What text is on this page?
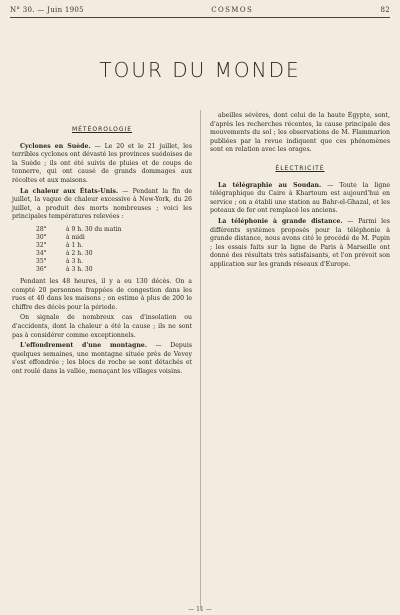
N° 30. — Juin 1905	COSMOS	82
TOUR DU MONDE
MÉTÉOROLOGIE

Cyclones en Suède. — Le 20 et le 21 juillet, les terribles cyclones ont dévasté les provinces suédoises de la Suède ; ils ont été suivis de pluies et de coups de tonnerre, qui ont causé de grands dommages aux récoltes et aux maisons.

La chaleur aux États-Unis. — Pendant la fin de juillet, la vague de chaleur excessive à New-York, du 26 juillet, a produit des morts nombreuses ; voici les principales températures relevées :

28°	à 9 h. 30 du matin
30°	à midi
32°	à 1 h.
34°	à 2 h. 30
35°	à 3 h.
36°	à 3 h. 30

Pendant les 48 heures, il y a eu 130 décès. On a compté 20 personnes frappées de congestion dans les rues et 40 dans les maisons ; on estime à plus de 200 le chiffre des décès pour la période.

On signale de nombreux cas d'insolation ou d'accidents, dont la chaleur a été la cause ; ils ne sont pas à considérer comme exceptionnels.

L'effondrement d'une montagne. — Depuis quelques semaines, une montagne située près de Vevey s'est effondrée ; les blocs de roche se sont détachés et ont roulé dans la vallée, menaçant les villages voisins.

abeilles sévères, dont celui de la haute Égypte, sont, d'après les recherches récentes, la cause principale des mouvements du sol ; les observations de M. Flammarion publiées par la revue indiquent que ces phénomènes sont en relation avec les orages.

ÉLECTRICITÉ

La télégraphie au Soudan. — Toute la ligne télégraphique du Caire à Khartoum est aujourd'hui en service ; on a établi une station au Bahr-el-Ghazal, et les poteaux de fer ont remplacé les anciens.

La téléphonie à grande distance. — Parmi les différents systèmes proposés pour la téléphonie à grande distance, nous avons cité le procédé de M. Pupin ; les essais faits sur la ligne de Paris à Marseille ont donné des résultats très satisfaisants, et l'on prévoit son application sur les grands réseaux d'Europe.

— 11 —
